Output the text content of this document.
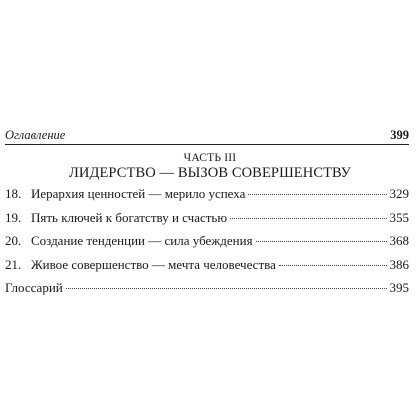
Оглавление	399
ЧАСТЬ III
ЛИДЕРСТВО — ВЫЗОВ СОВЕРШЕНСТВУ
18. Иерархия ценностей — мерило успеха	329
19. Пять ключей к богатству и счастью	355
20. Создание тенденции — сила убеждения	368
21. Живое совершенство — мечта человечества	386
Глоссарий	395
